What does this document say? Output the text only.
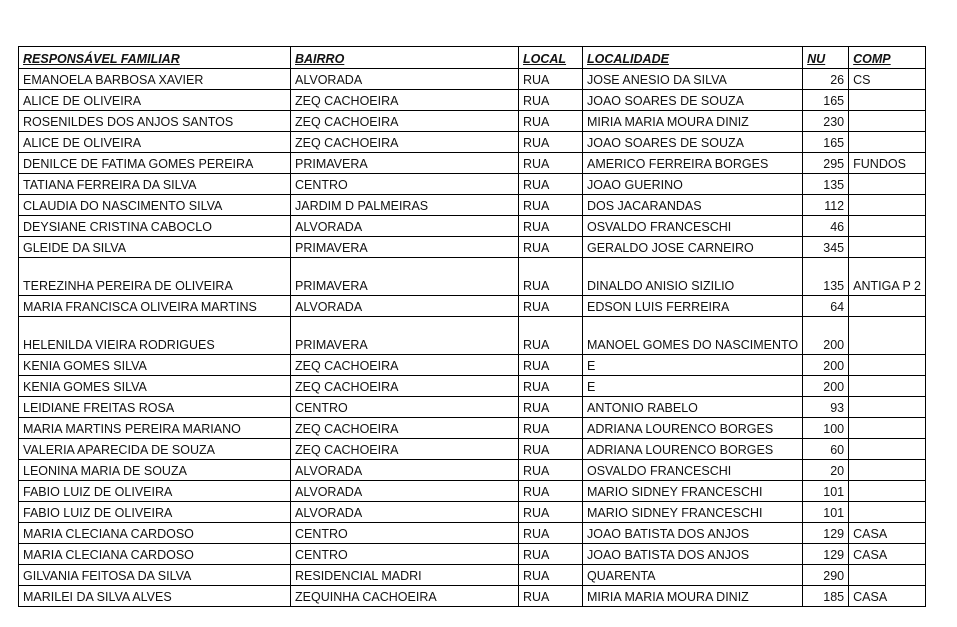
RESPONSÁVEL FAMILIAR	BAIRRO	LOCAL	LOCALIDADE	NU	COMP
EMANOELA BARBOSA XAVIER	ALVORADA	RUA	JOSE ANESIO DA SILVA	26	CS
ALICE DE OLIVEIRA	ZEQ CACHOEIRA	RUA	JOAO SOARES DE SOUZA	165	
ROSENILDES DOS ANJOS SANTOS	ZEQ CACHOEIRA	RUA	MIRIA MARIA MOURA DINIZ	230	
ALICE DE OLIVEIRA	ZEQ CACHOEIRA	RUA	JOAO SOARES DE SOUZA	165	
DENILCE DE FATIMA GOMES PEREIRA	PRIMAVERA	RUA	AMERICO FERREIRA BORGES	295	FUNDOS
TATIANA FERREIRA DA SILVA	CENTRO	RUA	JOAO GUERINO	135	
CLAUDIA DO NASCIMENTO SILVA	JARDIM D PALMEIRAS	RUA	DOS JACARANDAS	112	
DEYSIANE CRISTINA CABOCLO	ALVORADA	RUA	OSVALDO FRANCESCHI	46	
GLEIDE DA SILVA	PRIMAVERA	RUA	GERALDO JOSE CARNEIRO	345	
TEREZINHA PEREIRA DE OLIVEIRA	PRIMAVERA	RUA	DINALDO ANISIO SIZILIO	135	ANTIGA P 2
MARIA FRANCISCA OLIVEIRA MARTINS	ALVORADA	RUA	EDSON LUIS FERREIRA	64	
HELENILDA VIEIRA RODRIGUES	PRIMAVERA	RUA	MANOEL GOMES DO NASCIMENTO	200	
KENIA GOMES SILVA	ZEQ CACHOEIRA	RUA	E	200	
KENIA GOMES SILVA	ZEQ CACHOEIRA	RUA	E	200	
LEIDIANE FREITAS ROSA	CENTRO	RUA	ANTONIO RABELO	93	
MARIA MARTINS PEREIRA MARIANO	ZEQ CACHOEIRA	RUA	ADRIANA LOURENCO BORGES	100	
VALERIA APARECIDA DE SOUZA	ZEQ CACHOEIRA	RUA	ADRIANA LOURENCO BORGES	60	
LEONINA MARIA DE SOUZA	ALVORADA	RUA	OSVALDO FRANCESCHI	20	
FABIO LUIZ DE OLIVEIRA	ALVORADA	RUA	MARIO SIDNEY FRANCESCHI	101	
FABIO LUIZ DE OLIVEIRA	ALVORADA	RUA	MARIO SIDNEY FRANCESCHI	101	
MARIA CLECIANA CARDOSO	CENTRO	RUA	JOAO BATISTA DOS ANJOS	129	CASA
MARIA CLECIANA CARDOSO	CENTRO	RUA	JOAO BATISTA DOS ANJOS	129	CASA
GILVANIA FEITOSA DA SILVA	RESIDENCIAL MADRI	RUA	QUARENTA	290	
MARILEI DA SILVA ALVES	ZEQUINHA CACHOEIRA	RUA	MIRIA MARIA MOURA DINIZ	185	CASA
